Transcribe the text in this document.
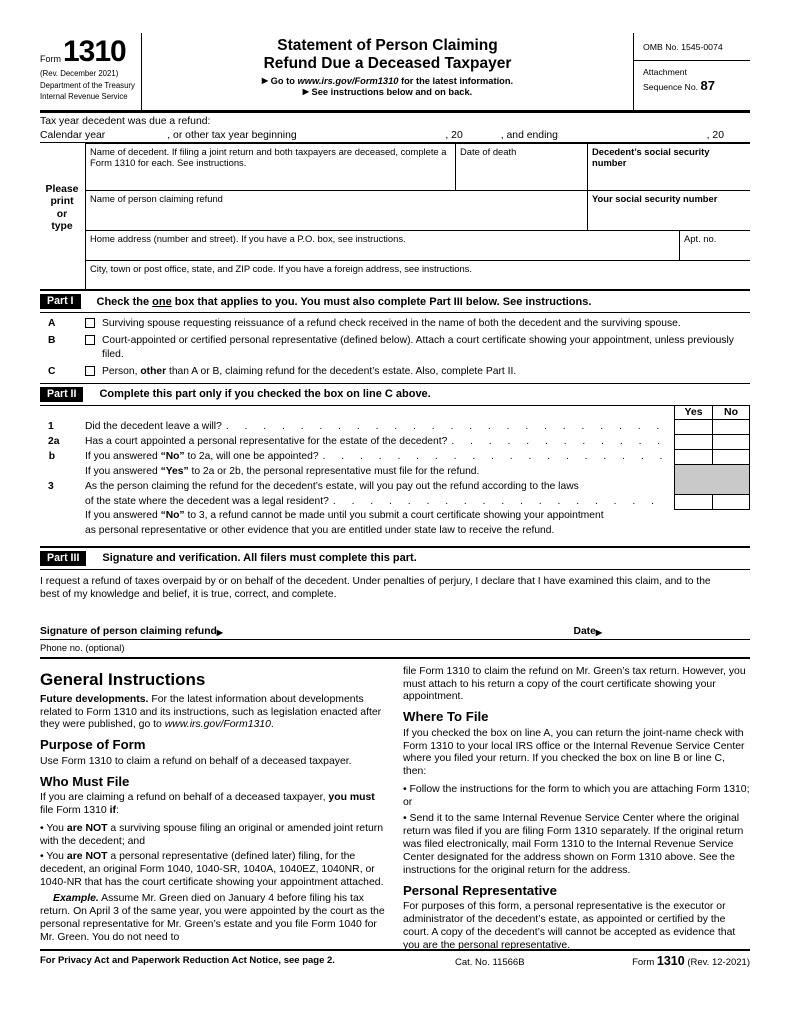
Form 1310
(Rev. December 2021)
Department of the Treasury
Internal Revenue Service
Statement of Person Claiming
Refund Due a Deceased Taxpayer
▶ Go to www.irs.gov/Form1310 for the latest information.
▶ See instructions below and on back.
OMB No. 1545-0074
Attachment
Sequence No. 87
Tax year decedent was due a refund:
Calendar year	, or other tax year beginning	, 20	, and ending	, 20
Please
print
or
type
Name of decedent. If filing a joint return and both taxpayers are deceased, complete a Form 1310 for each. See instructions.
Date of death	Decedent’s social security number
Name of person claiming refund	Your social security number
Home address (number and street). If you have a P.O. box, see instructions.	Apt. no.
City, town or post office, state, and ZIP code. If you have a foreign address, see instructions.
Part I	Check the one box that applies to you. You must also complete Part III below. See instructions.
A	Surviving spouse requesting reissuance of a refund check received in the name of both the decedent and the surviving spouse.
B	Court-appointed or certified personal representative (defined below). Attach a court certificate showing your appointment, unless previously filed.
C	Person, other than A or B, claiming refund for the decedent’s estate. Also, complete Part II.
Part II	Complete this part only if you checked the box on line C above.
Yes	No
1	Did the decedent leave a will?
. . .
2a	Has a court appointed a personal representative for the estate of the decedent?
. . .
b	If you answered “No” to 2a, will one be appointed?
. . .
If you answered “Yes” to 2a or 2b, the personal representative must file for the refund.
3	As the person claiming the refund for the decedent’s estate, will you pay out the refund according to the laws
of the state where the decedent was a legal resident?
. . .
If you answered “No” to 3, a refund cannot be made until you submit a court certificate showing your appointment
as personal representative or other evidence that you are entitled under state law to receive the refund.
Part III	Signature and verification. All filers must complete this part.
I request a refund of taxes overpaid by or on behalf of the decedent. Under penalties of perjury, I declare that I have examined this claim, and to the
best of my knowledge and belief, it is true, correct, and complete.
Signature of person claiming refund ▶	Date ▶
Phone no. (optional)
General Instructions

Future developments. For the latest information about developments related to Form 1310 and its instructions, such as legislation enacted after they were published, go to www.irs.gov/Form1310.

Purpose of Form

Use Form 1310 to claim a refund on behalf of a deceased taxpayer.

Who Must File

If you are claiming a refund on behalf of a deceased taxpayer, you must file Form 1310 if:

• You are NOT a surviving spouse filing an original or amended joint return with the decedent; and

• You are NOT a personal representative (defined later) filing, for the decedent, an original Form 1040, 1040-SR, 1040A, 1040EZ, 1040NR, or 1040-NR that has the court certificate showing your appointment attached.

Example. Assume Mr. Green died on January 4 before filing his tax return. On April 3 of the same year, you were appointed by the court as the personal representative for Mr. Green’s estate and you file Form 1040 for Mr. Green. You do not need to

file Form 1310 to claim the refund on Mr. Green’s tax return. However, you must attach to his return a copy of the court certificate showing your appointment.

Where To File

If you checked the box on line A, you can return the joint-name check with Form 1310 to your local IRS office or the Internal Revenue Service Center where you filed your return. If you checked the box on line B or line C, then:

• Follow the instructions for the form to which you are attaching Form 1310; or

• Send it to the same Internal Revenue Service Center where the original return was filed if you are filing Form 1310 separately. If the original return was filed electronically, mail Form 1310 to the Internal Revenue Service Center designated for the address shown on Form 1310 above. See the instructions for the original return for the address.

Personal Representative

For purposes of this form, a personal representative is the executor or administrator of the decedent’s estate, as appointed or certified by the court. A copy of the decedent’s will cannot be accepted as evidence that you are the personal representative.

For Privacy Act and Paperwork Reduction Act Notice, see page 2.	Cat. No. 11566B	Form 1310 (Rev. 12-2021)
